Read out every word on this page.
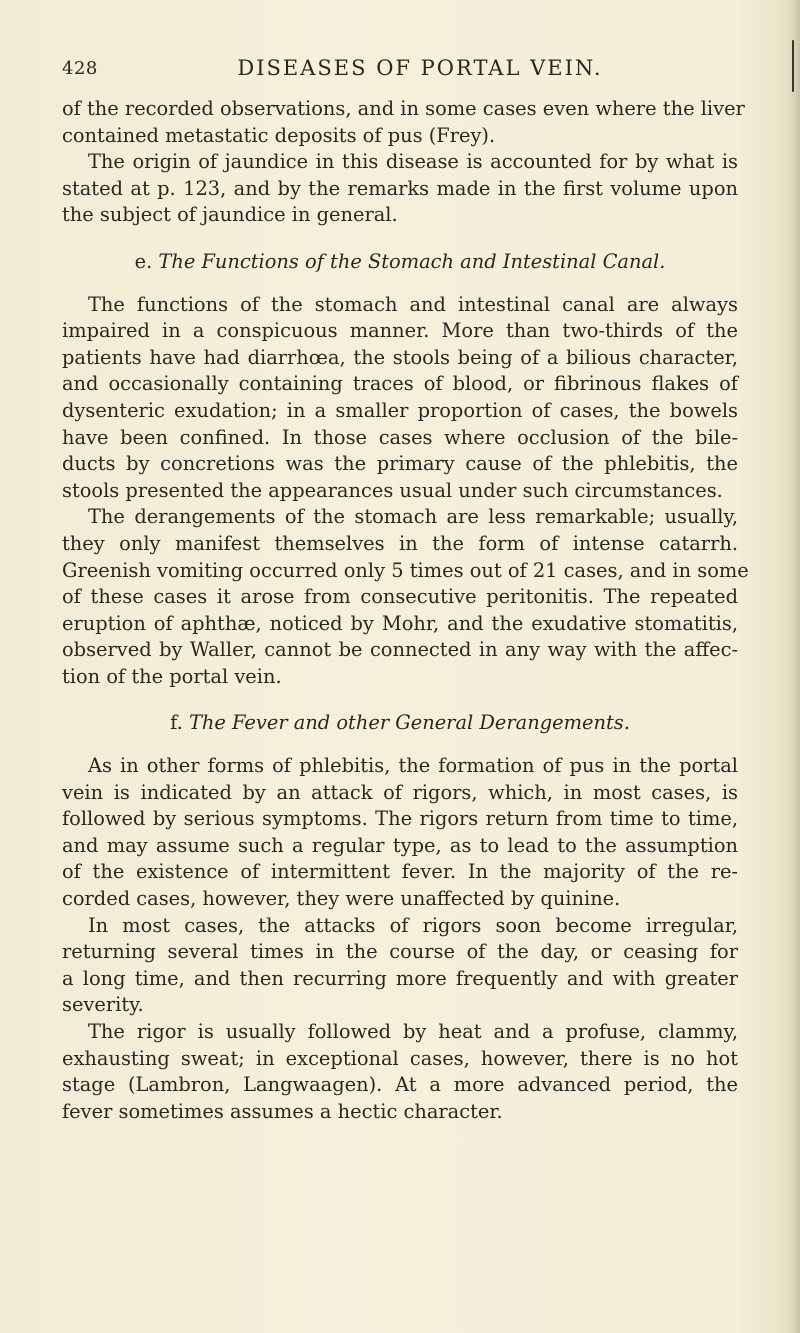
428	DISEASES OF PORTAL VEIN.
of the recorded observations, and in some cases even where the liver
contained metastatic deposits of pus (Frey).
The origin of jaundice in this disease is accounted for by what is
stated at p. 123, and by the remarks made in the first volume upon
the subject of jaundice in general.
e. The Functions of the Stomach and Intestinal Canal.
The functions of the stomach and intestinal canal are always
impaired in a conspicuous manner. More than two-thirds of the
patients have had diarrhœa, the stools being of a bilious character,
and occasionally containing traces of blood, or fibrinous flakes of
dysenteric exudation; in a smaller proportion of cases, the bowels
have been confined. In those cases where occlusion of the bile-
ducts by concretions was the primary cause of the phlebitis, the
stools presented the appearances usual under such circumstances.
The derangements of the stomach are less remarkable; usually,
they only manifest themselves in the form of intense catarrh.
Greenish vomiting occurred only 5 times out of 21 cases, and in some
of these cases it arose from consecutive peritonitis. The repeated
eruption of aphthæ, noticed by Mohr, and the exudative stomatitis,
observed by Waller, cannot be connected in any way with the affec-
tion of the portal vein.
f. The Fever and other General Derangements.
As in other forms of phlebitis, the formation of pus in the portal
vein is indicated by an attack of rigors, which, in most cases, is
followed by serious symptoms. The rigors return from time to time,
and may assume such a regular type, as to lead to the assumption
of the existence of intermittent fever. In the majority of the re-
corded cases, however, they were unaffected by quinine.
In most cases, the attacks of rigors soon become irregular,
returning several times in the course of the day, or ceasing for
a long time, and then recurring more frequently and with greater
severity.
The rigor is usually followed by heat and a profuse, clammy,
exhausting sweat; in exceptional cases, however, there is no hot
stage (Lambron, Langwaagen). At a more advanced period, the
fever sometimes assumes a hectic character.
